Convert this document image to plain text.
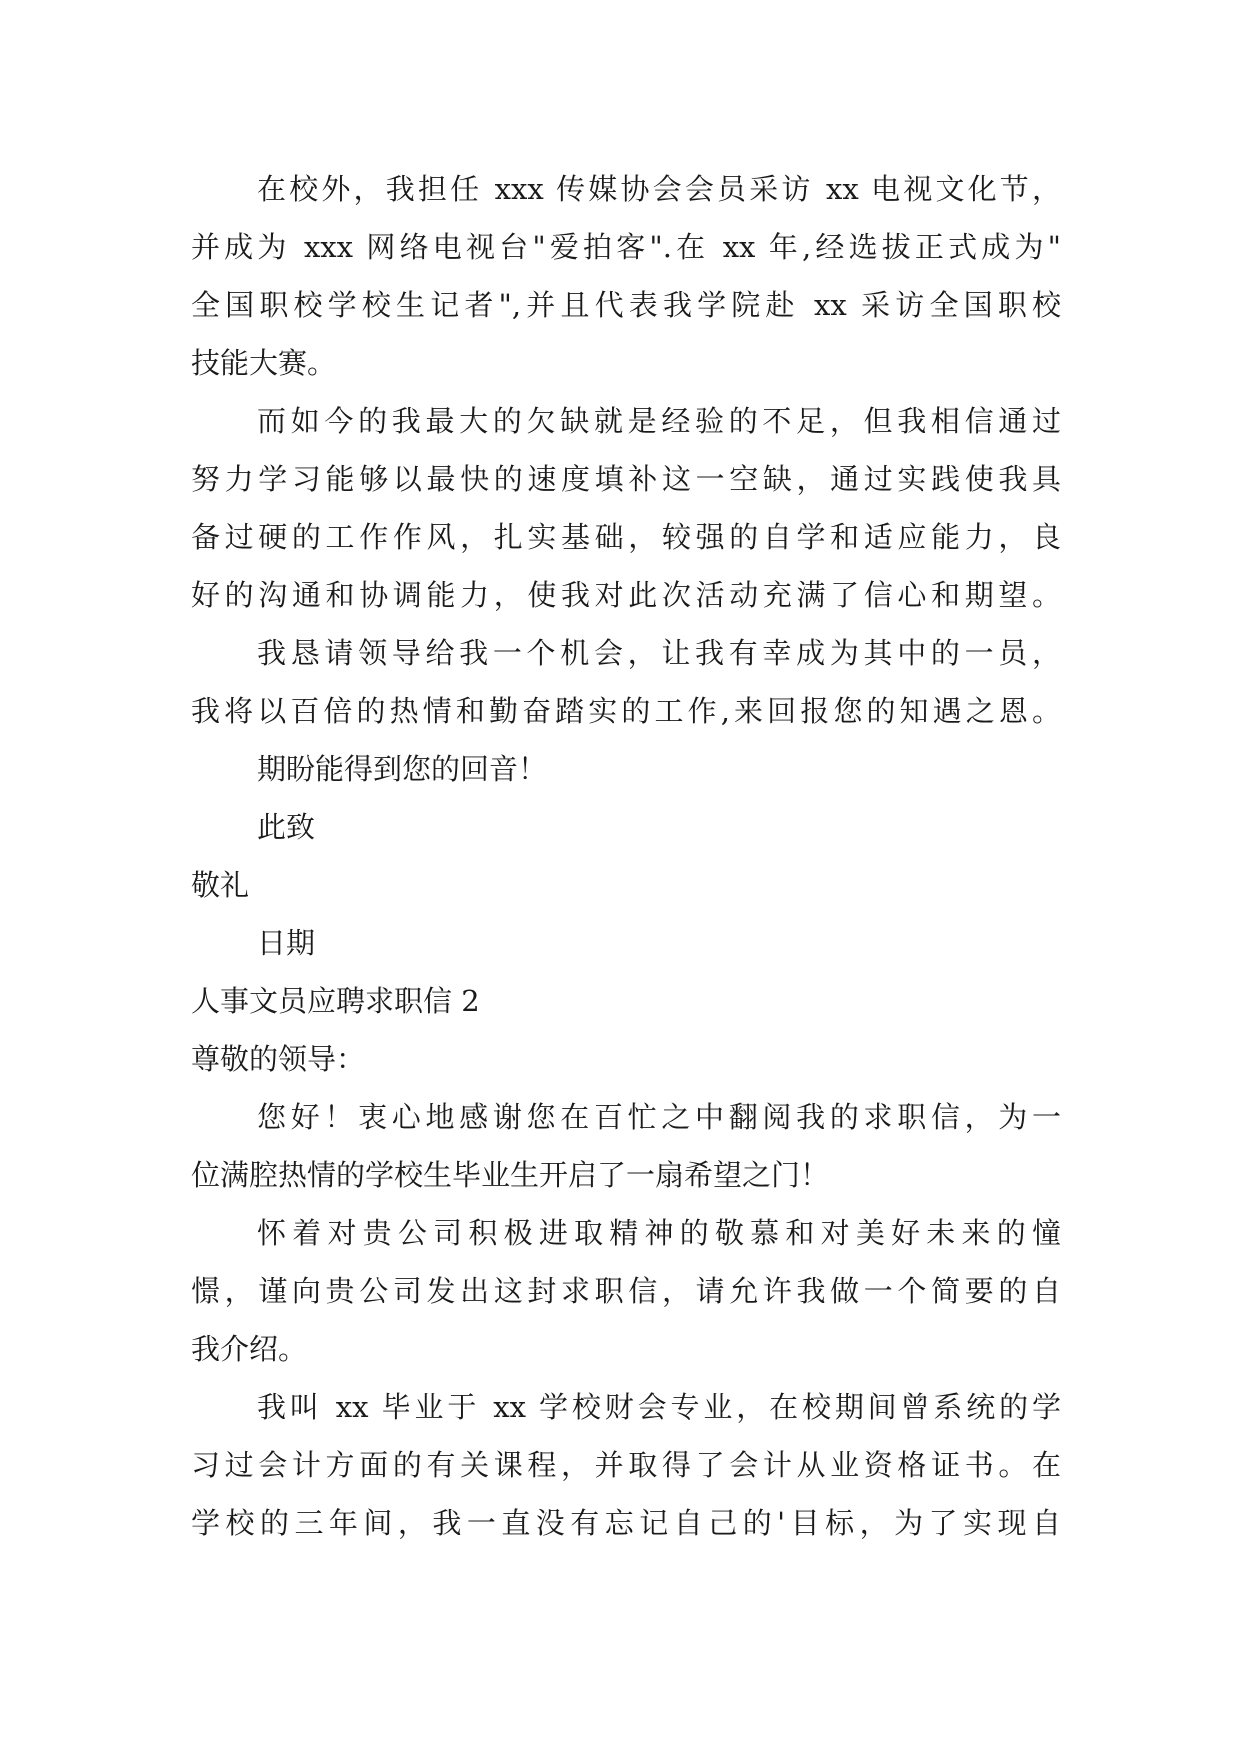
在校外，我担任 xxx 传媒协会会员采访 xx 电视文化节，
并成为 xxx 网络电视台"爱拍客".在 xx 年,经选拔正式成为"
全国职校学校生记者",并且代表我学院赴 xx 采访全国职校
技能大赛。
而如今的我最大的欠缺就是经验的不足，但我相信通过
努力学习能够以最快的速度填补这一空缺，通过实践使我具
备过硬的工作作风，扎实基础，较强的自学和适应能力，良
好的沟通和协调能力，使我对此次活动充满了信心和期望。
我恳请领导给我一个机会，让我有幸成为其中的一员，
我将以百倍的热情和勤奋踏实的工作,来回报您的知遇之恩。
期盼能得到您的回音！
此致
敬礼
日期
人事文员应聘求职信 2
尊敬的领导：
您好！衷心地感谢您在百忙之中翻阅我的求职信，为一
位满腔热情的学校生毕业生开启了一扇希望之门！
怀着对贵公司积极进取精神的敬慕和对美好未来的憧
憬，谨向贵公司发出这封求职信，请允许我做一个简要的自
我介绍。
我叫 xx 毕业于 xx 学校财会专业，在校期间曾系统的学
习过会计方面的有关课程，并取得了会计从业资格证书。在
学校的三年间，我一直没有忘记自己的'目标，为了实现自
